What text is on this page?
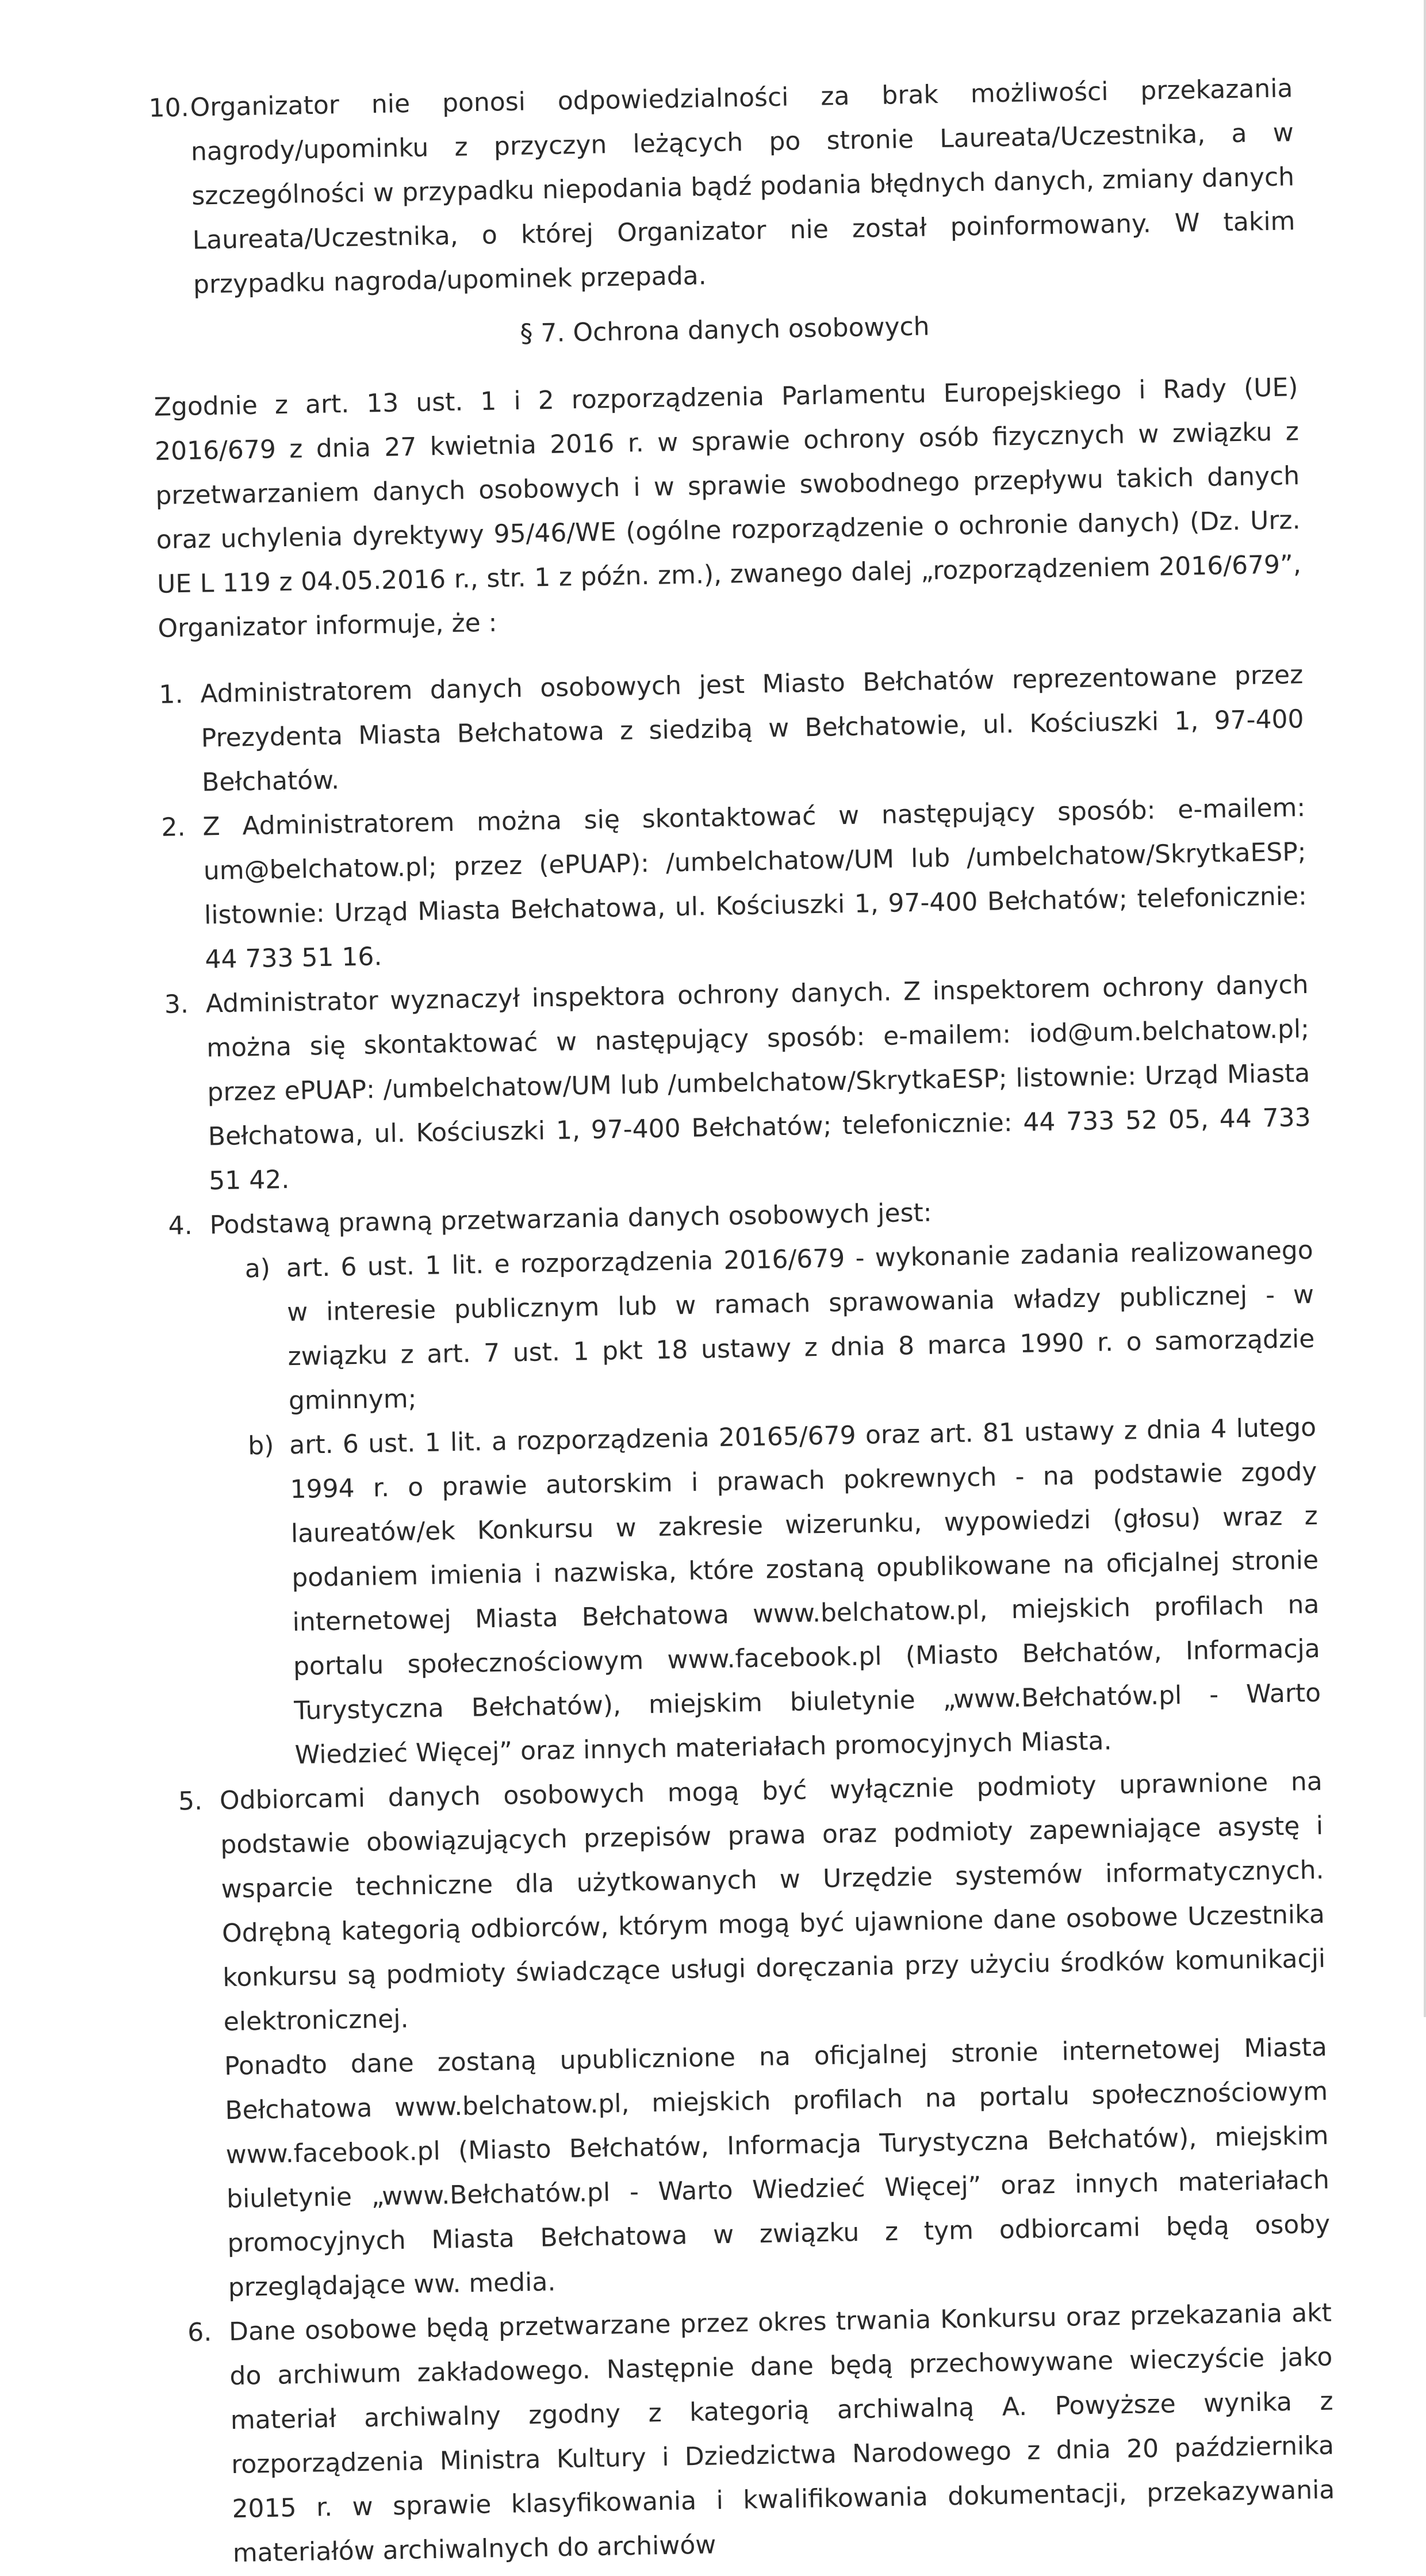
10. Organizator nie ponosi odpowiedzialności za brak możliwości przekazania nagrody/upominku z przyczyn leżących po stronie Laureata/Uczestnika, a w szczególności w przypadku niepodania bądź podania błędnych danych, zmiany danych Laureata/Uczestnika, o której Organizator nie został poinformowany. W takim przypadku nagroda/upominek przepada.

§ 7. Ochrona danych osobowych

Zgodnie z art. 13 ust. 1 i 2 rozporządzenia Parlamentu Europejskiego i Rady (UE) 2016/679 z dnia 27 kwietnia 2016 r. w sprawie ochrony osób fizycznych w związku z przetwarzaniem danych osobowych i w sprawie swobodnego przepływu takich danych oraz uchylenia dyrektywy 95/46/WE (ogólne rozporządzenie o ochronie danych) (Dz. Urz. UE L 119 z 04.05.2016 r., str. 1 z późn. zm.), zwanego dalej „rozporządzeniem 2016/679”, Organizator informuje, że :

1. Administratorem danych osobowych jest Miasto Bełchatów reprezentowane przez Prezydenta Miasta Bełchatowa z siedzibą w Bełchatowie, ul. Kościuszki 1, 97-400 Bełchatów.
2. Z Administratorem można się skontaktować w następujący sposób: e-mailem: um@belchatow.pl; przez (ePUAP): /umbelchatow/UM lub /umbelchatow/SkrytkaESP; listownie: Urząd Miasta Bełchatowa, ul. Kościuszki 1, 97-400 Bełchatów; telefonicznie: 44 733 51 16.
3. Administrator wyznaczył inspektora ochrony danych. Z inspektorem ochrony danych można się skontaktować w następujący sposób: e-mailem: iod@um.belchatow.pl; przez ePUAP: /umbelchatow/UM lub /umbelchatow/SkrytkaESP; listownie: Urząd Miasta Bełchatowa, ul. Kościuszki 1, 97-400 Bełchatów; telefonicznie: 44 733 52 05, 44 733 51 42.
4. Podstawą prawną przetwarzania danych osobowych jest:
a) art. 6 ust. 1 lit. e rozporządzenia 2016/679 - wykonanie zadania realizowanego w interesie publicznym lub w ramach sprawowania władzy publicznej - w związku z art. 7 ust. 1 pkt 18 ustawy z dnia 8 marca 1990 r. o samorządzie gminnym;
b) art. 6 ust. 1 lit. a rozporządzenia 20165/679 oraz art. 81 ustawy z dnia 4 lutego 1994 r. o prawie autorskim i prawach pokrewnych - na podstawie zgody laureatów/ek Konkursu w zakresie wizerunku, wypowiedzi (głosu) wraz z podaniem imienia i nazwiska, które zostaną opublikowane na oficjalnej stronie internetowej Miasta Bełchatowa www.belchatow.pl, miejskich profilach na portalu społecznościowym www.facebook.pl (Miasto Bełchatów, Informacja Turystyczna Bełchatów), miejskim biuletynie „www.Bełchatów.pl - Warto Wiedzieć Więcej” oraz innych materiałach promocyjnych Miasta.
5. Odbiorcami danych osobowych mogą być wyłącznie podmioty uprawnione na podstawie obowiązujących przepisów prawa oraz podmioty zapewniające asystę i wsparcie techniczne dla użytkowanych w Urzędzie systemów informatycznych. Odrębną kategorią odbiorców, którym mogą być ujawnione dane osobowe Uczestnika konkursu są podmioty świadczące usługi doręczania przy użyciu środków komunikacji elektronicznej.

Ponadto dane zostaną upublicznione na oficjalnej stronie internetowej Miasta Bełchatowa www.belchatow.pl, miejskich profilach na portalu społecznościowym www.facebook.pl (Miasto Bełchatów, Informacja Turystyczna Bełchatów), miejskim biuletynie „www.Bełchatów.pl - Warto Wiedzieć Więcej” oraz innych materiałach promocyjnych Miasta Bełchatowa w związku z tym odbiorcami będą osoby przeglądające ww. media.

6. Dane osobowe będą przetwarzane przez okres trwania Konkursu oraz przekazania akt do archiwum zakładowego. Następnie dane będą przechowywane wieczyście jako materiał archiwalny zgodny z kategorią archiwalną A. Powyższe wynika z rozporządzenia Ministra Kultury i Dziedzictwa Narodowego z dnia 20 października 2015 r. w sprawie klasyfikowania i kwalifikowania dokumentacji, przekazywania materiałów archiwalnych do archiwów
